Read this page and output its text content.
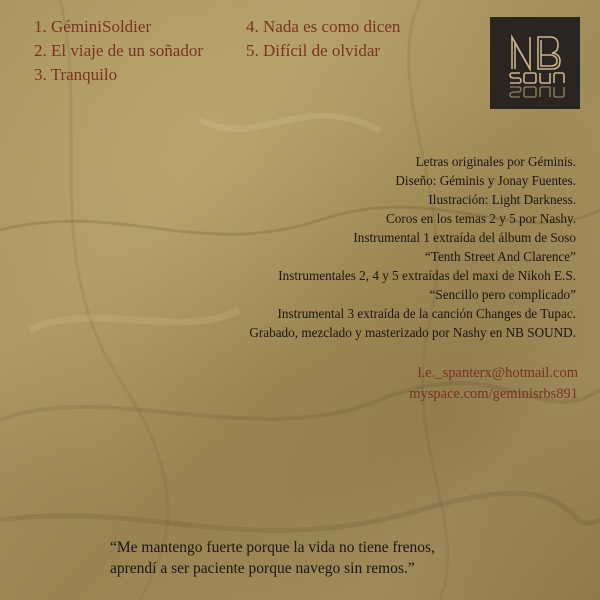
1. GéminiSoldier
2. El viaje de un soñador
3. Tranquilo
4. Nada es como dicen
5. Difícil de olvidar
Letras originales por Géminis.
Diseño: Géminis y Jonay Fuentes.
Ilustración: Light Darkness.
Coros en los temas 2 y 5 por Nashy.
Instrumental 1 extraída del álbum de Soso
“Tenth Street And Clarence”
Instrumentales 2, 4 y 5 extraídas del maxi de Nikoh E.S.
“Sencillo pero complicado”
Instrumental 3 extraída de la canción Changes de Tupac.
Grabado, mezclado y masterizado por Nashy en NB SOUND.
l.e._spanterx@hotmail.com
myspace.com/geminisrbs891
“Me mantengo fuerte porque la vida no tiene frenos,
aprendí a ser paciente porque navego sin remos.”
